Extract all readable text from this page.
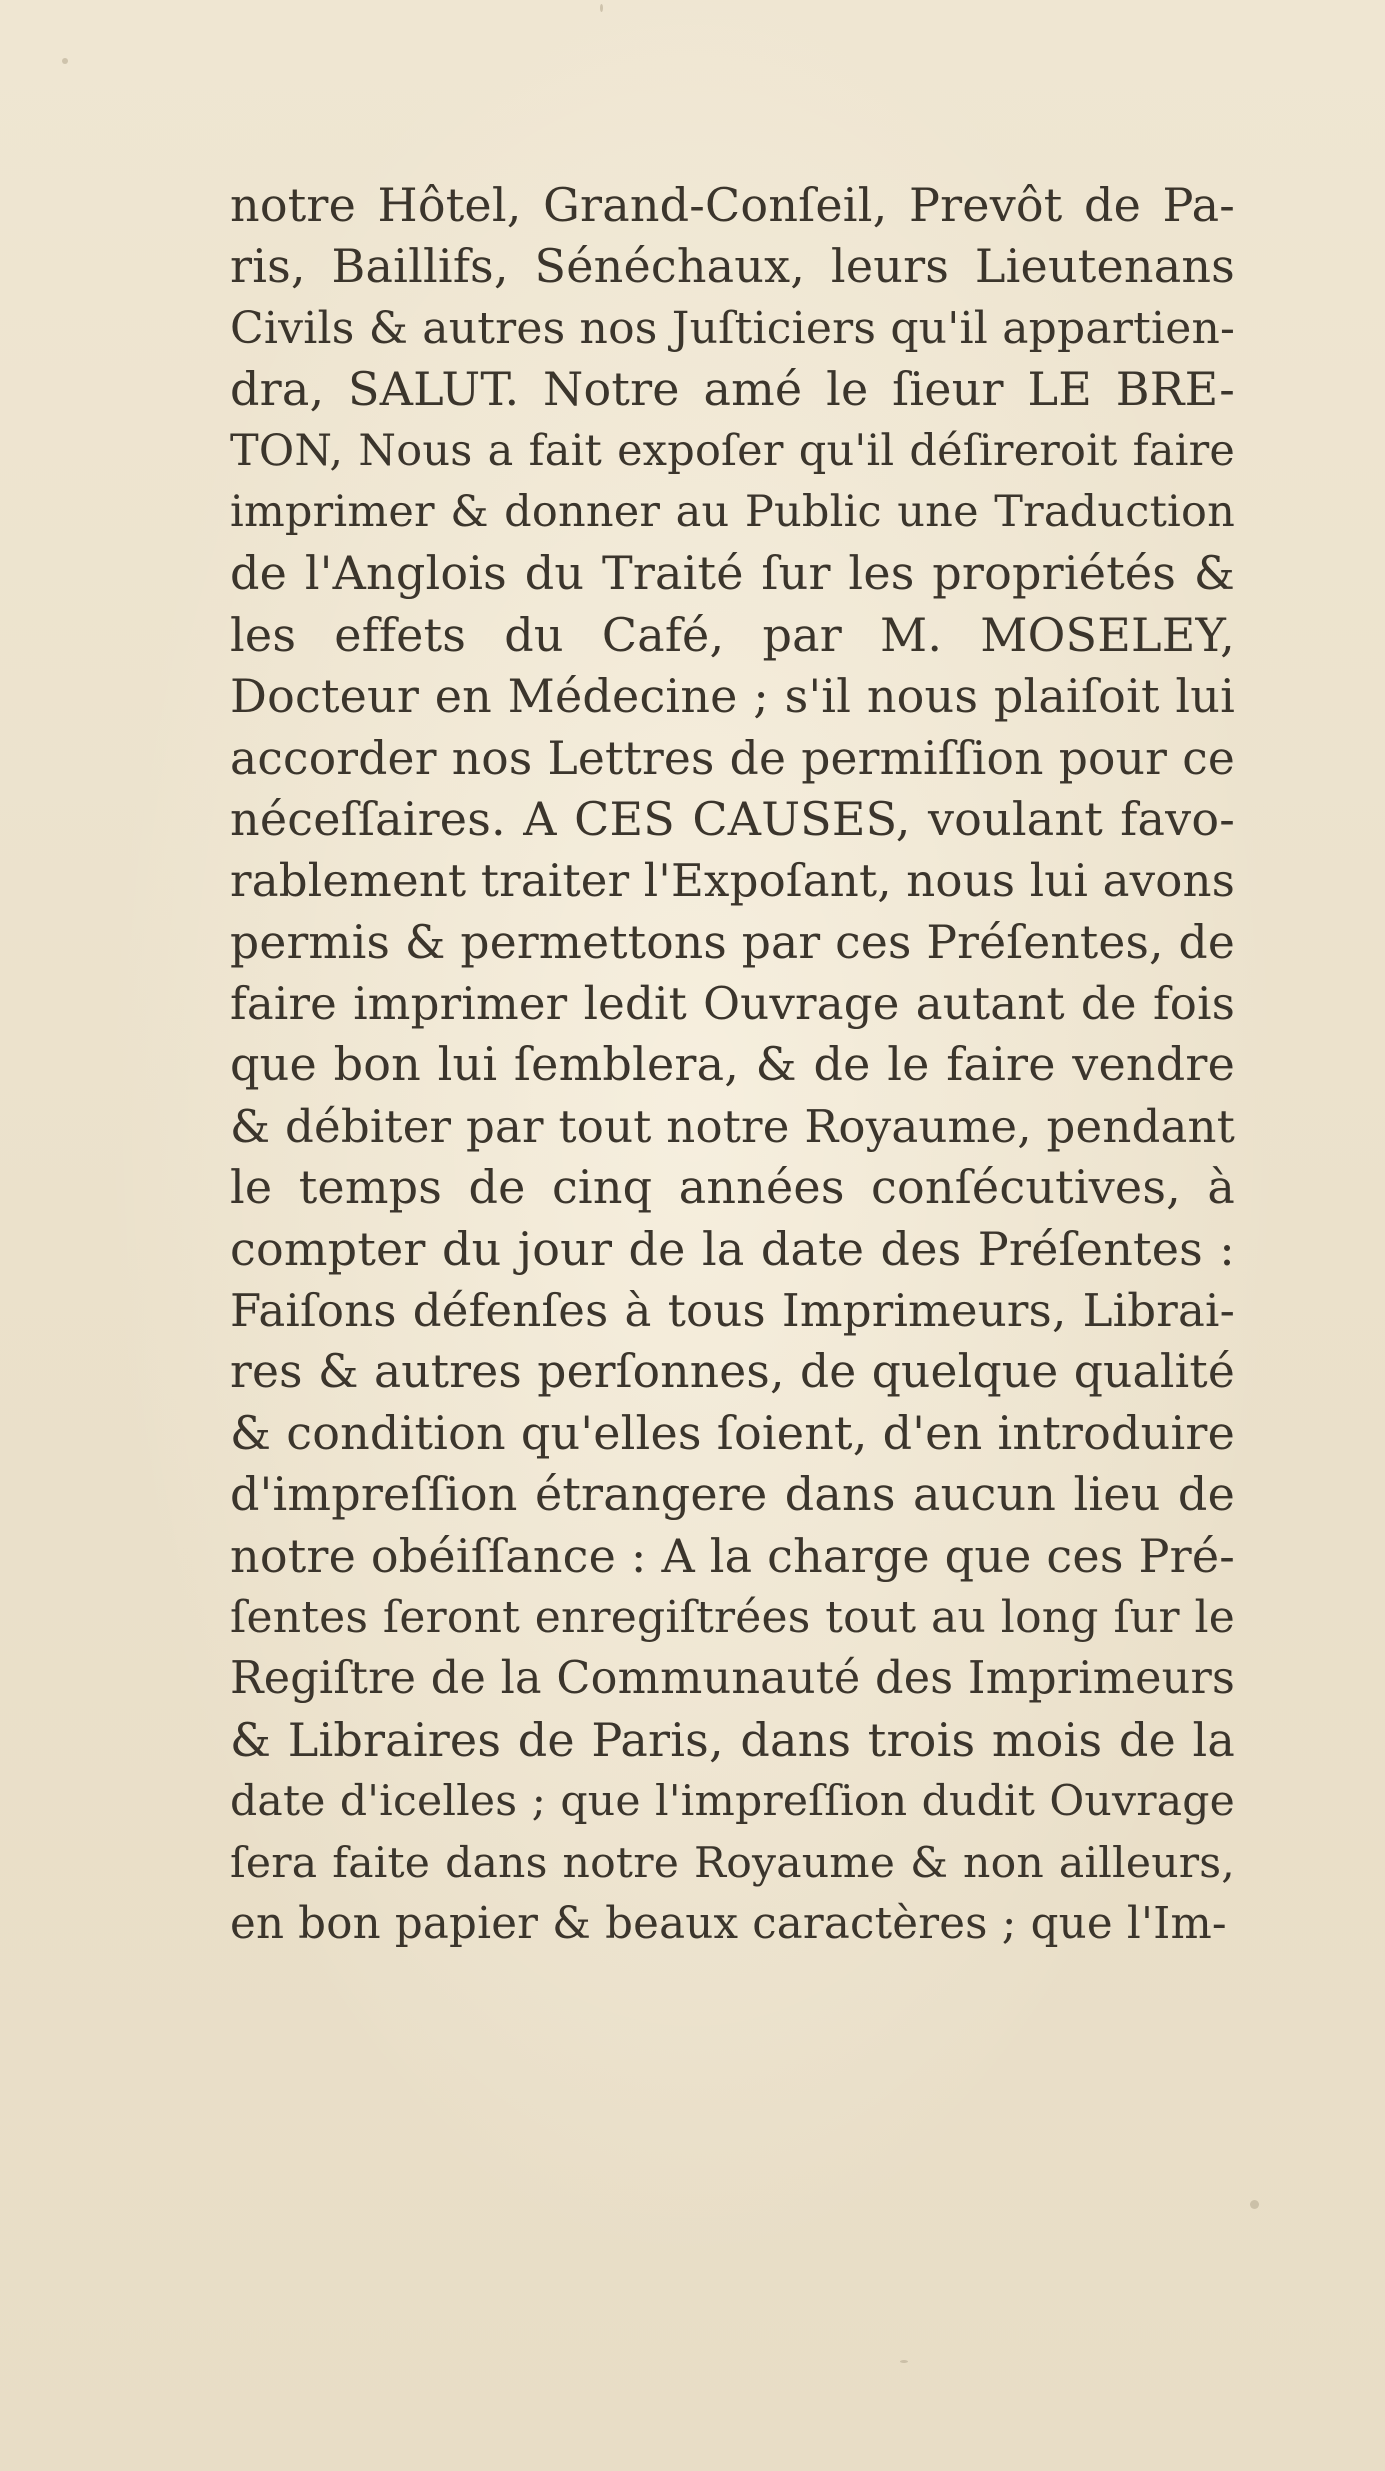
notre Hôtel, Grand-Conſeil, Prevôt de Pa-
ris, Baillifs, Sénéchaux, leurs Lieutenans
Civils & autres nos Juſticiers qu'il appartien-
dra, SALUT. Notre amé le ſieur LE BRE-
TON, Nous a fait expoſer qu'il déſireroit faire
imprimer & donner au Public une Traduction
de l'Anglois du Traité ſur les propriétés &
les effets du Café, par M. MOSELEY,
Docteur en Médecine ; s'il nous plaiſoit lui
accorder nos Lettres de permiſſion pour ce
néceſſaires. A CES CAUSES, voulant favo-
rablement traiter l'Expoſant, nous lui avons
permis & permettons par ces Préſentes, de
faire imprimer ledit Ouvrage autant de fois
que bon lui ſemblera, & de le faire vendre
& débiter par tout notre Royaume, pendant
le temps de cinq années conſécutives, à
compter du jour de la date des Préſentes :
Faiſons défenſes à tous Imprimeurs, Librai-
res & autres perſonnes, de quelque qualité
& condition qu'elles ſoient, d'en introduire
d'impreſſion étrangere dans aucun lieu de
notre obéiſſance : A la charge que ces Pré-
ſentes ſeront enregiſtrées tout au long ſur le
Regiſtre de la Communauté des Imprimeurs
& Libraires de Paris, dans trois mois de la
date d'icelles ; que l'impreſſion dudit Ouvrage
ſera faite dans notre Royaume & non ailleurs,
en bon papier & beaux caractères ; que l'Im-
